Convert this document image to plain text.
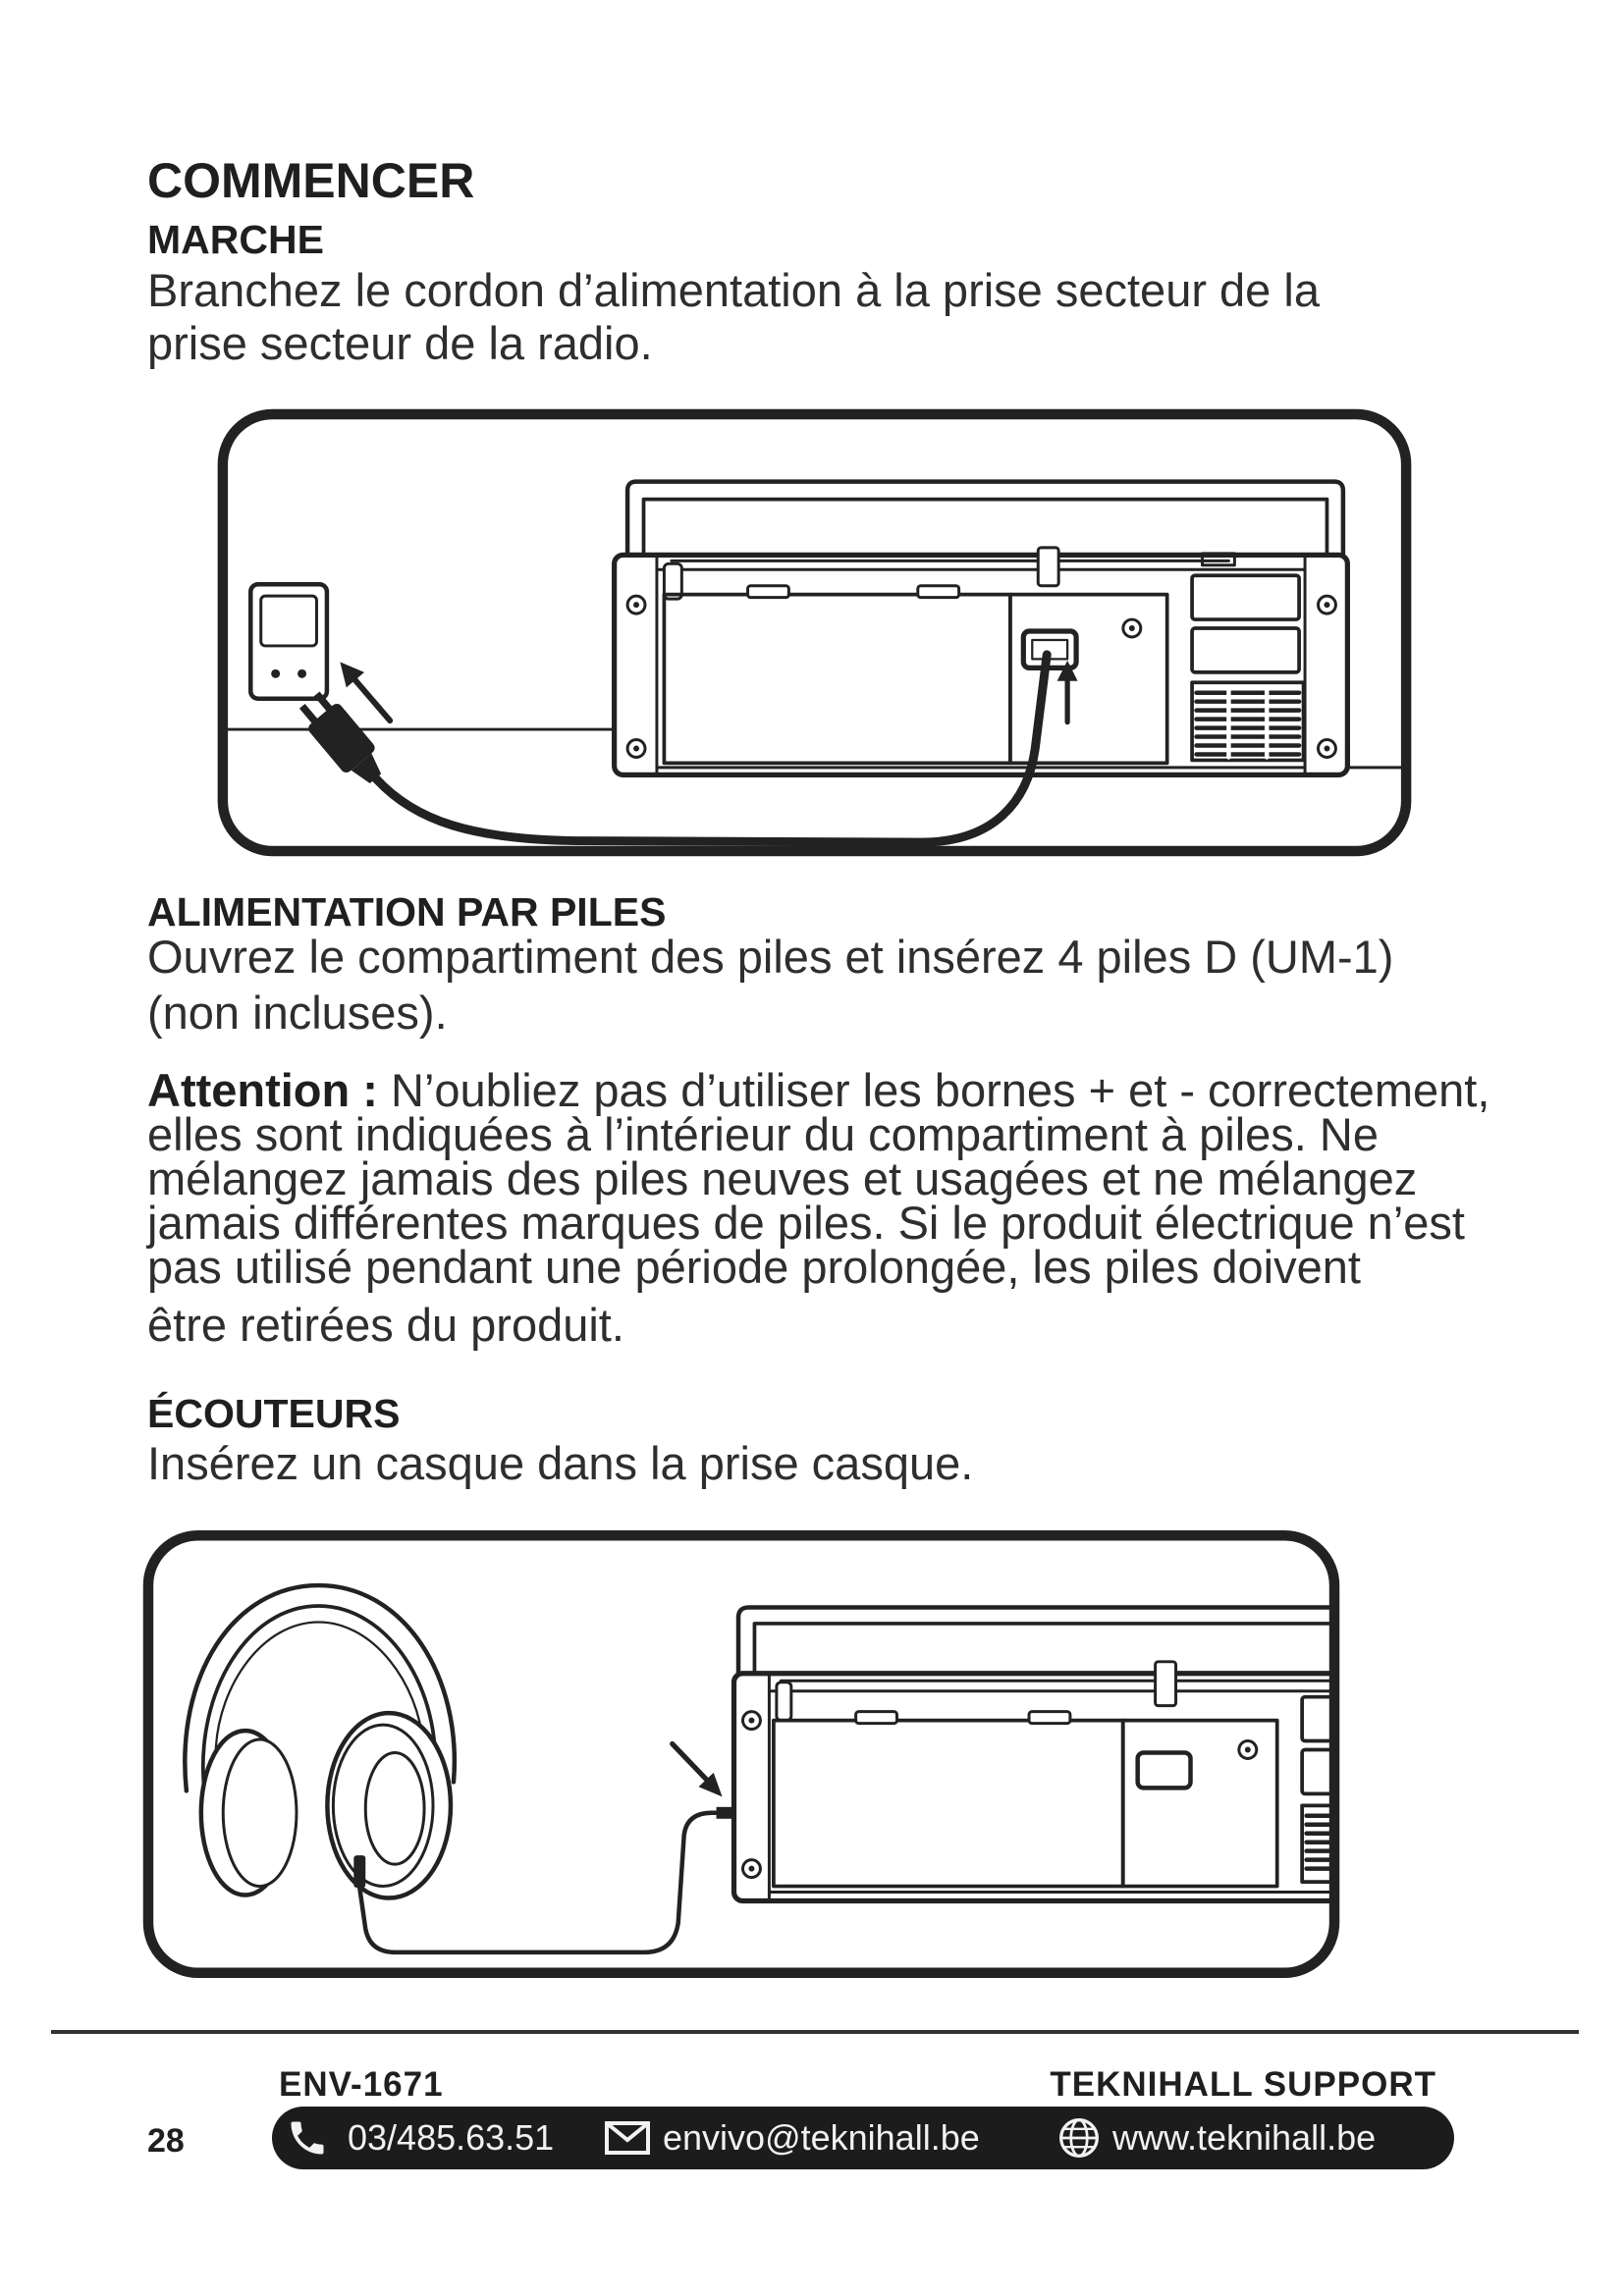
COMMENCER
MARCHE
Branchez le cordon d’alimentation à la prise secteur de la
prise secteur de la radio.
ALIMENTATION PAR PILES
Ouvrez le compartiment des piles et insérez 4 piles D (UM-1)
(non incluses).
Attention : N’oubliez pas d’utiliser les bornes + et - correctement,
elles sont indiquées à l’intérieur du compartiment à piles. Ne
mélangez jamais des piles neuves et usagées et ne mélangez
jamais différentes marques de piles. Si le produit électrique n’est
pas utilisé pendant une période prolongée, les piles doivent
être retirées du produit.
ÉCOUTEURS
Insérez un casque dans la prise casque.
ENV-1671	TEKNIHALL SUPPORT
28	03/485.63.51	envivo@teknihall.be	www.teknihall.be
